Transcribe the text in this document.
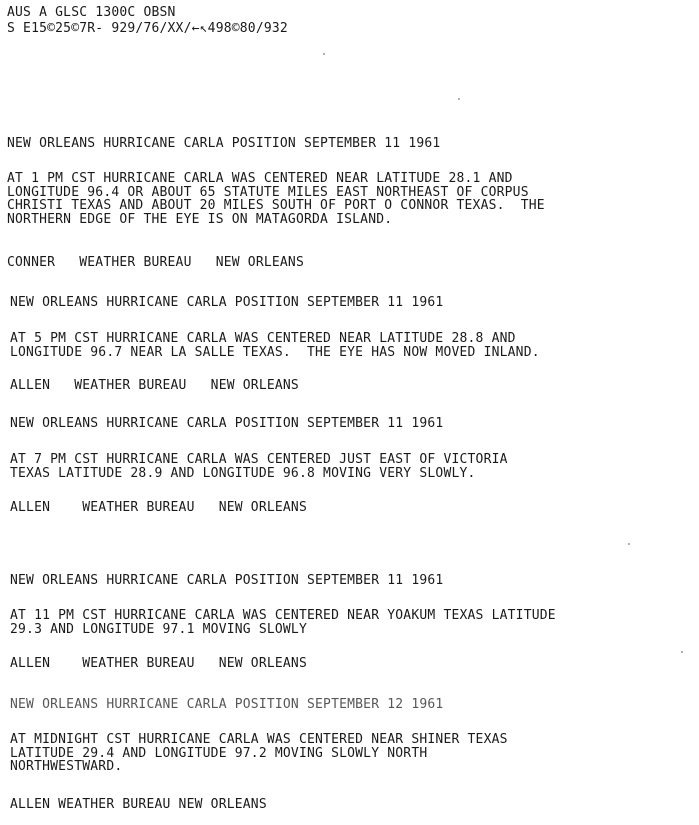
AUS A GLSC 1300C OBSN
S E15©25©7R- 929/76/XX/←↖498©80/932
NEW ORLEANS HURRICANE CARLA POSITION SEPTEMBER 11 1961
AT 1 PM CST HURRICANE CARLA WAS CENTERED NEAR LATITUDE 28.1 AND
LONGITUDE 96.4 OR ABOUT 65 STATUTE MILES EAST NORTHEAST OF CORPUS
CHRISTI TEXAS AND ABOUT 20 MILES SOUTH OF PORT O CONNOR TEXAS.  THE
NORTHERN EDGE OF THE EYE IS ON MATAGORDA ISLAND.
CONNER   WEATHER BUREAU   NEW ORLEANS
NEW ORLEANS HURRICANE CARLA POSITION SEPTEMBER 11 1961
AT 5 PM CST HURRICANE CARLA WAS CENTERED NEAR LATITUDE 28.8 AND
LONGITUDE 96.7 NEAR LA SALLE TEXAS.  THE EYE HAS NOW MOVED INLAND.
ALLEN   WEATHER BUREAU   NEW ORLEANS
NEW ORLEANS HURRICANE CARLA POSITION SEPTEMBER 11 1961
AT 7 PM CST HURRICANE CARLA WAS CENTERED JUST EAST OF VICTORIA
TEXAS LATITUDE 28.9 AND LONGITUDE 96.8 MOVING VERY SLOWLY.
ALLEN    WEATHER BUREAU   NEW ORLEANS
NEW ORLEANS HURRICANE CARLA POSITION SEPTEMBER 11 1961
AT 11 PM CST HURRICANE CARLA WAS CENTERED NEAR YOAKUM TEXAS LATITUDE
29.3 AND LONGITUDE 97.1 MOVING SLOWLY
ALLEN    WEATHER BUREAU   NEW ORLEANS
NEW ORLEANS HURRICANE CARLA POSITION SEPTEMBER 12 1961
AT MIDNIGHT CST HURRICANE CARLA WAS CENTERED NEAR SHINER TEXAS
LATITUDE 29.4 AND LONGITUDE 97.2 MOVING SLOWLY NORTH
NORTHWESTWARD.
ALLEN WEATHER BUREAU NEW ORLEANS
